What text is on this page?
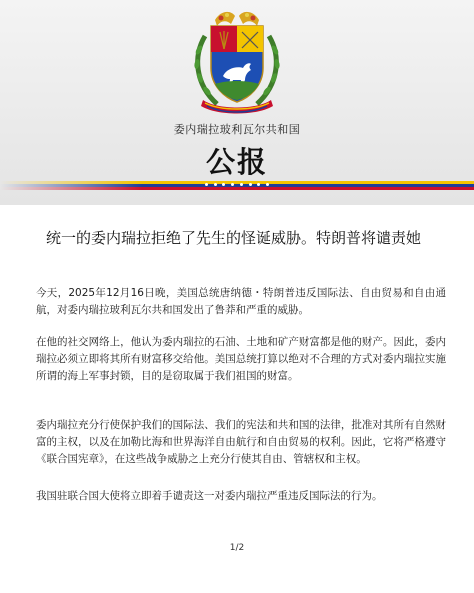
委内瑞拉玻利瓦尔共和国
公报
统一的委内瑞拉拒绝了先生的怪诞威胁。特朗普将谴责她

今天，2025年12月16日晚，美国总统唐纳德・特朗普违反国际法、自由贸易和自由通航，对委内瑞拉玻利瓦尔共和国发出了鲁莽和严重的威胁。

在他的社交网络上，他认为委内瑞拉的石油、土地和矿产财富都是他的财产。因此，委内瑞拉必须立即将其所有财富移交给他。美国总统打算以绝对不合理的方式对委内瑞拉实施所谓的海上军事封锁，目的是窃取属于我们祖国的财富。

委内瑞拉充分行使保护我们的国际法、我们的宪法和共和国的法律，批准对其所有自然财富的主权，以及在加勒比海和世界海洋自由航行和自由贸易的权利。因此，它将严格遵守《联合国宪章》，在这些战争威胁之上充分行使其自由、管辖权和主权。

我国驻联合国大使将立即着手谴责这一对委内瑞拉严重违反国际法的行为。

1/2
